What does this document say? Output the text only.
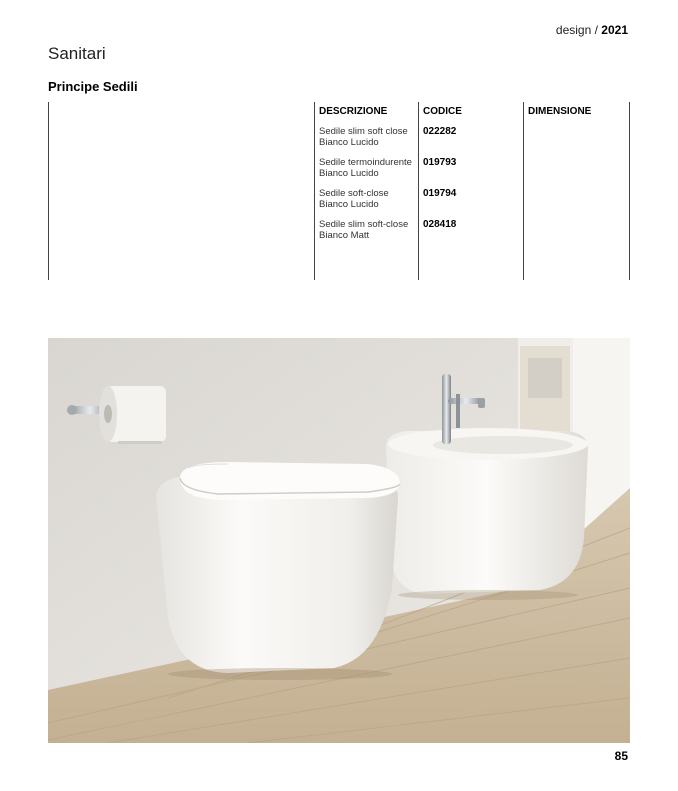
design / 2021
Sanitari
Principe Sedili
DESCRIZIONE	CODICE	DIMENSIONE
Sedile slim soft close
Bianco Lucido
022282
Sedile termoindurente
Bianco Lucido
019793
Sedile soft-close
Bianco Lucido
019794
Sedile slim soft-close
Bianco Matt
028418
85
